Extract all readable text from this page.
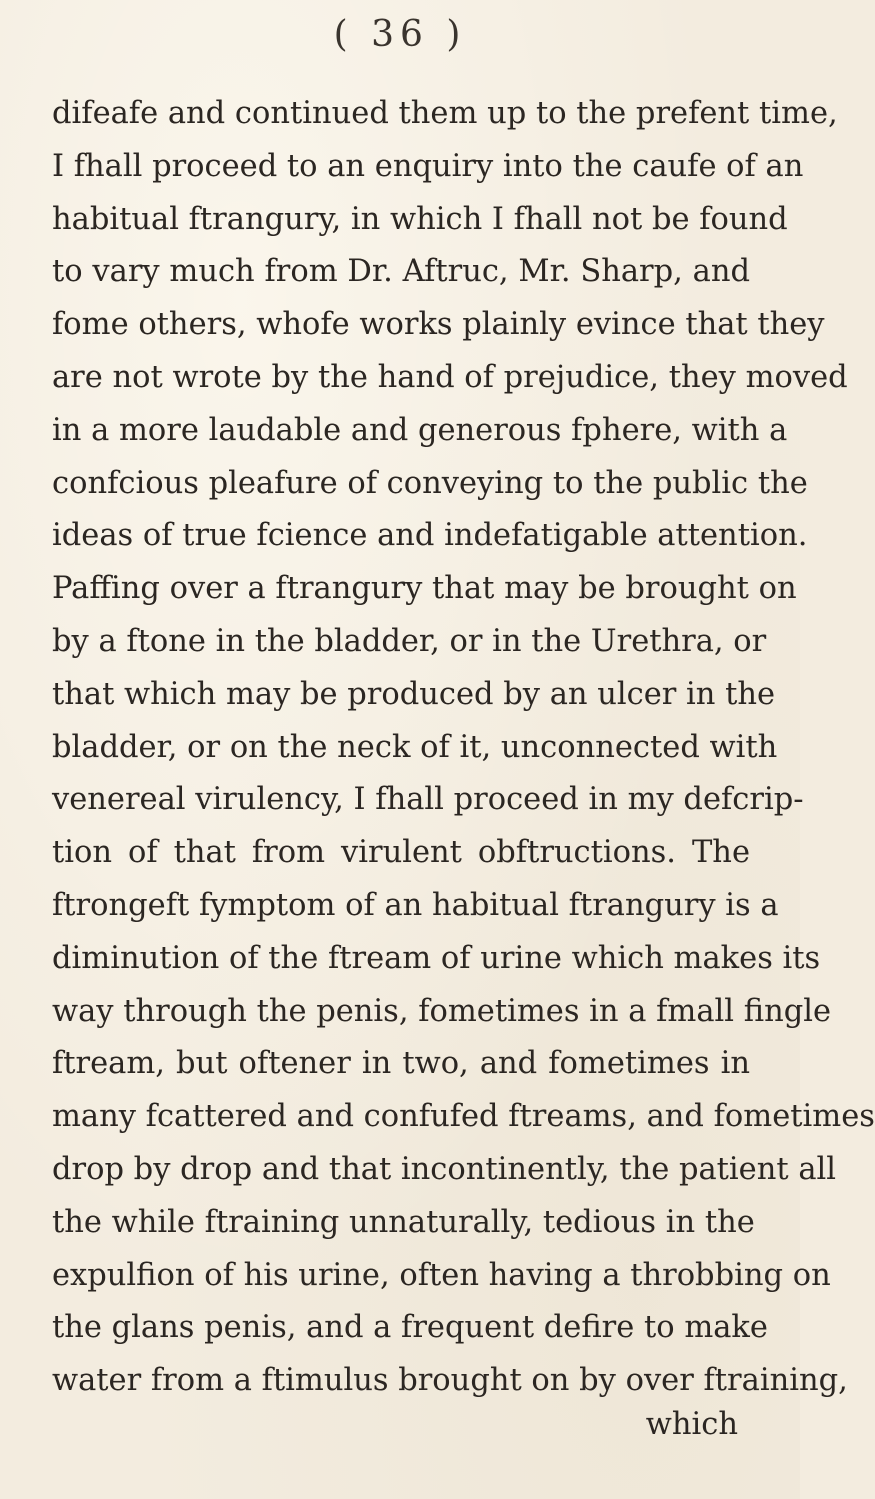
( 36 )
difeafe and continued them up to the prefent time,
I fhall proceed to an enquiry into the caufe of an
habitual ftrangury, in which I fhall not be found
to vary much from Dr. Aftruc, Mr. Sharp, and
fome others, whofe works plainly evince that they
are not wrote by the hand of prejudice, they moved
in a more laudable and generous fphere, with a
confcious pleafure of conveying to the public the
ideas of true fcience and indefatigable attention.
Paffing over a ftrangury that may be brought on
by a ftone in the bladder, or in the Urethra, or
that which may be produced by an ulcer in the
bladder, or on the neck of it, unconnected with
venereal virulency, I fhall proceed in my defcrip-
tion of that from virulent obftructions. The
ftrongeft fymptom of an habitual ftrangury is a
diminution of the ftream of urine which makes its
way through the penis, fometimes in a fmall fingle
ftream, but oftener in two, and fometimes in
many fcattered and confufed ftreams, and fometimes
drop by drop and that incontinently, the patient all
the while ftraining unnaturally, tedious in the
expulfion of his urine, often having a throbbing on
the glans penis, and a frequent defire to make
water from a ftimulus brought on by over ftraining,
which
